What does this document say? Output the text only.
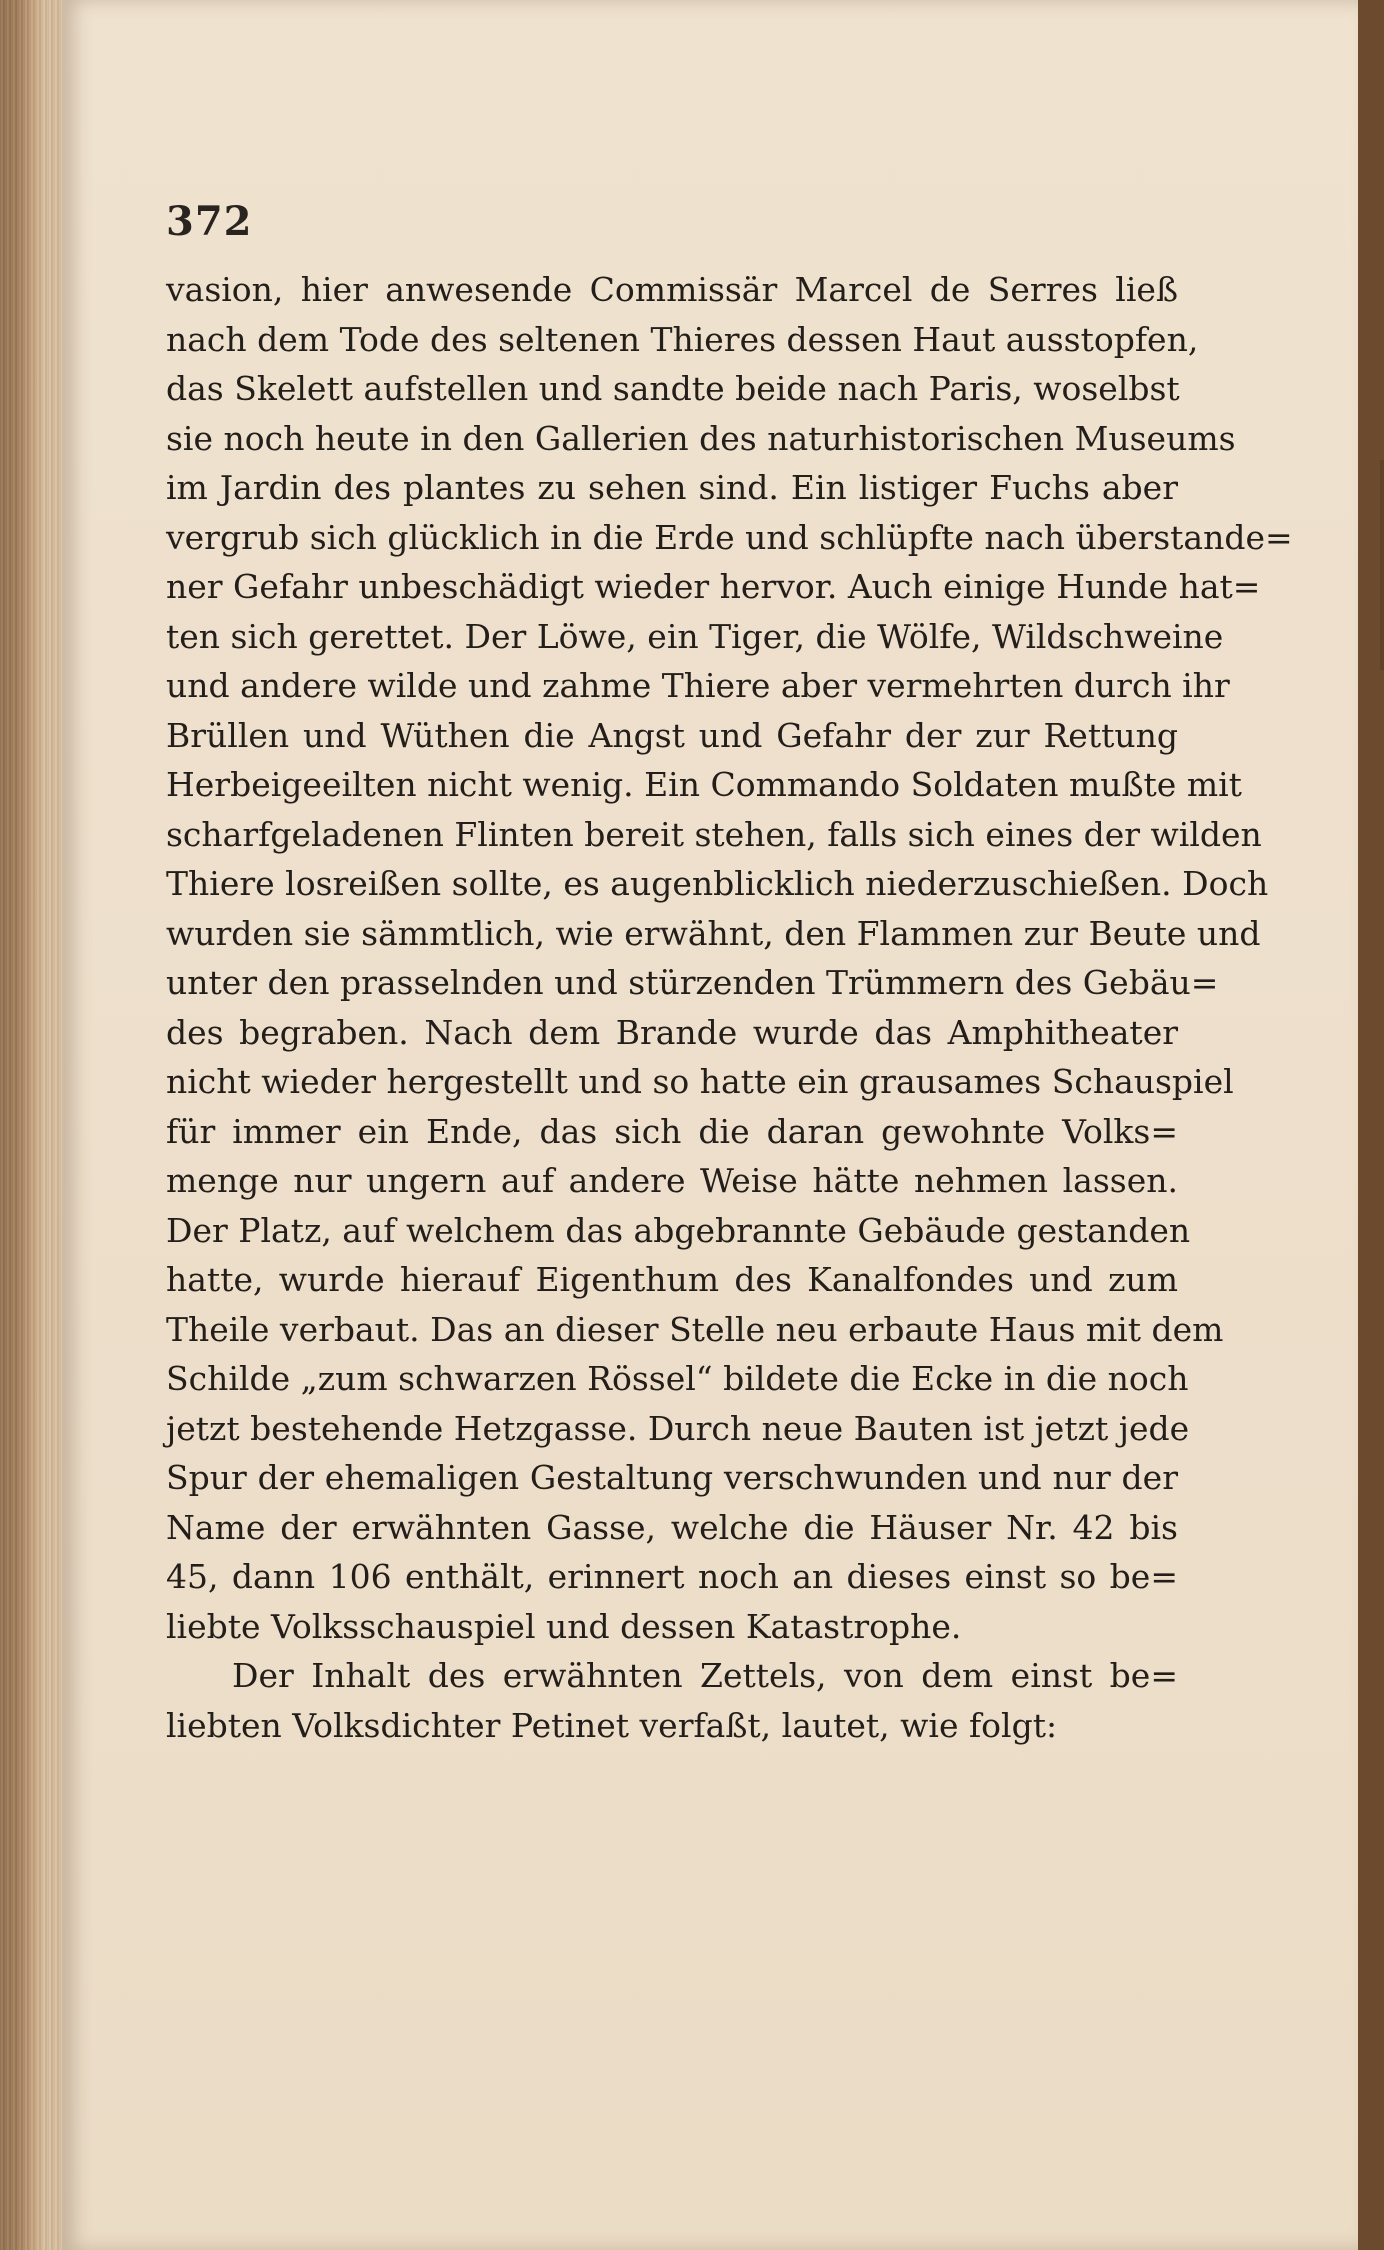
372
vasion, hier anwesende Commissär Marcel de Serres ließ
nach dem Tode des seltenen Thieres dessen Haut ausstopfen,
das Skelett aufstellen und sandte beide nach Paris, woselbst
sie noch heute in den Gallerien des naturhistorischen Museums
im Jardin des plantes zu sehen sind. Ein listiger Fuchs aber
vergrub sich glücklich in die Erde und schlüpfte nach überstande=
ner Gefahr unbeschädigt wieder hervor. Auch einige Hunde hat=
ten sich gerettet. Der Löwe, ein Tiger, die Wölfe, Wildschweine
und andere wilde und zahme Thiere aber vermehrten durch ihr
Brüllen und Wüthen die Angst und Gefahr der zur Rettung
Herbeigeeilten nicht wenig. Ein Commando Soldaten mußte mit
scharfgeladenen Flinten bereit stehen, falls sich eines der wilden
Thiere losreißen sollte, es augenblicklich niederzuschießen. Doch
wurden sie sämmtlich, wie erwähnt, den Flammen zur Beute und
unter den prasselnden und stürzenden Trümmern des Gebäu=
des begraben. Nach dem Brande wurde das Amphitheater
nicht wieder hergestellt und so hatte ein grausames Schauspiel
für immer ein Ende, das sich die daran gewohnte Volks=
menge nur ungern auf andere Weise hätte nehmen lassen.
Der Platz, auf welchem das abgebrannte Gebäude gestanden
hatte, wurde hierauf Eigenthum des Kanalfondes und zum
Theile verbaut. Das an dieser Stelle neu erbaute Haus mit dem
Schilde „zum schwarzen Rössel“ bildete die Ecke in die noch
jetzt bestehende Hetzgasse. Durch neue Bauten ist jetzt jede
Spur der ehemaligen Gestaltung verschwunden und nur der
Name der erwähnten Gasse, welche die Häuser Nr. 42 bis
45, dann 106 enthält, erinnert noch an dieses einst so be=
liebte Volksschauspiel und dessen Katastrophe.
Der Inhalt des erwähnten Zettels, von dem einst be=
liebten Volksdichter Petinet verfaßt, lautet, wie folgt:
